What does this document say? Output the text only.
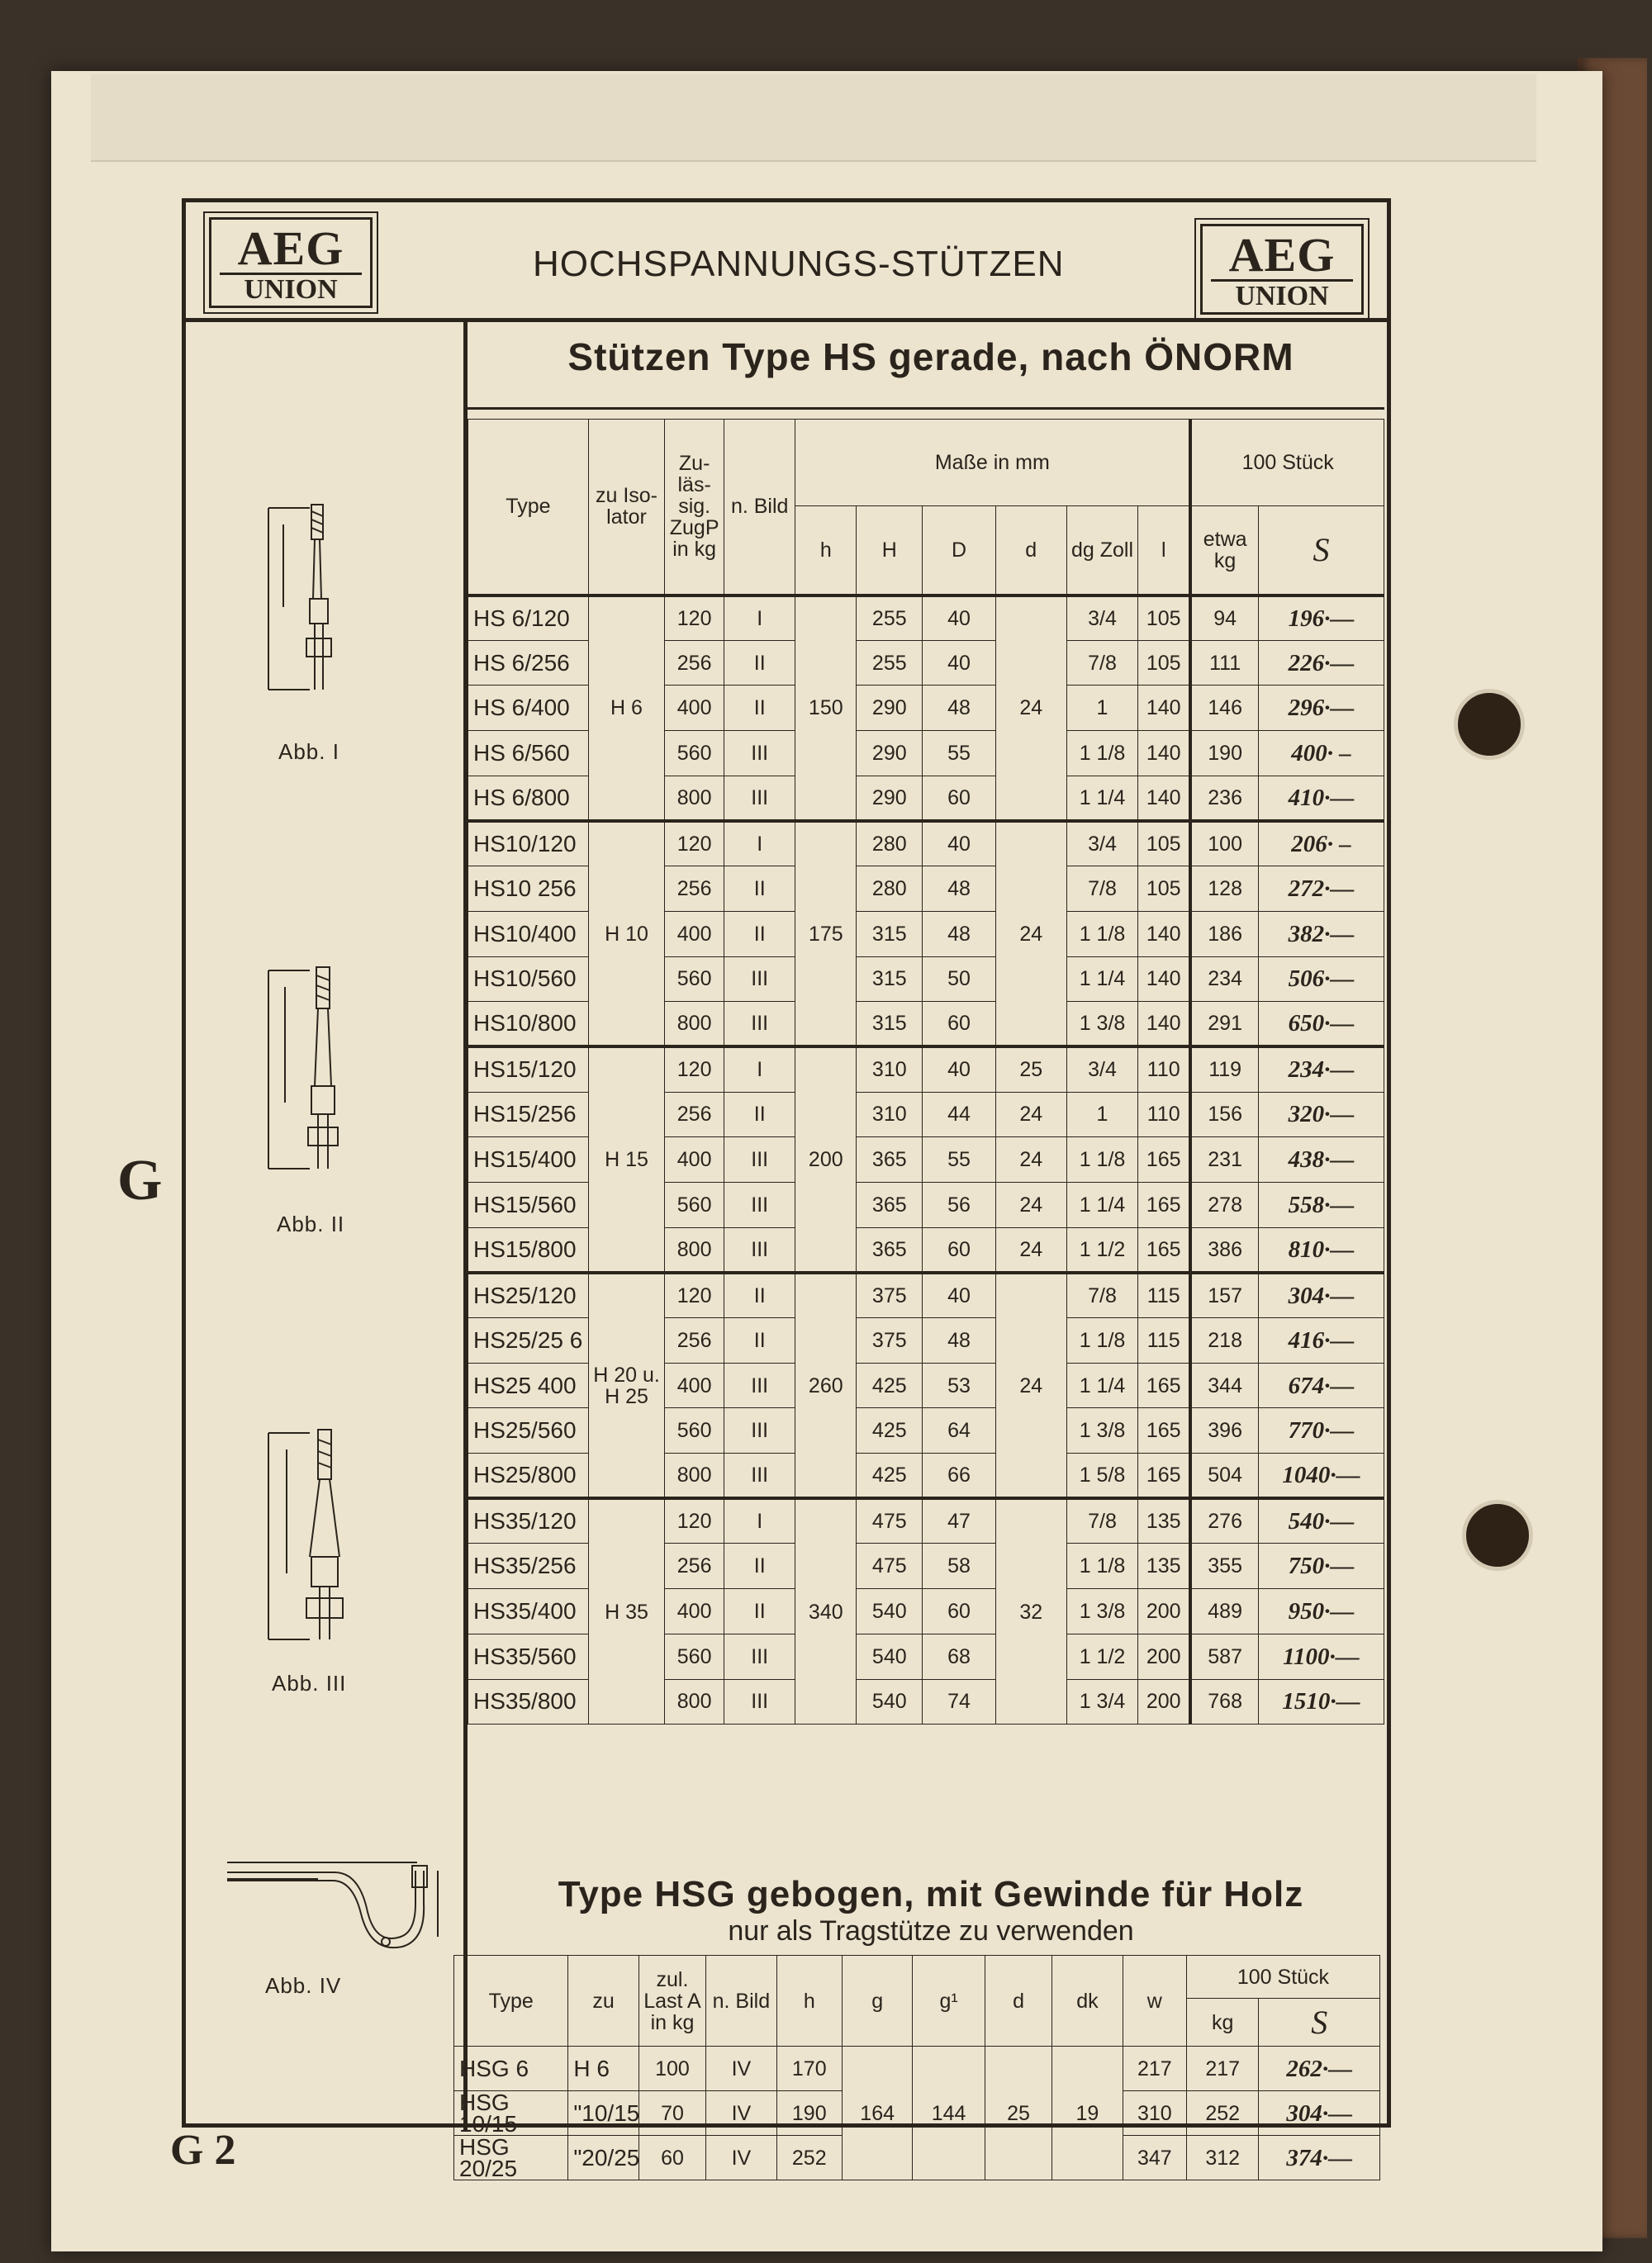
AEG
UNION
HOCHSPANNUNGS-STÜTZEN	AEG
UNION
Stützen Type HS gerade, nach ÖNORM
Type	zu Iso- lator	Zu- läs- sig. ZugP in kg	n. Bild	Maße in mm						100 Stück	
				h	H	D	d	dg Zoll	l	etwa kg	S
HS 6/120	H 6	120	I	150	255	40	24	3/4	105	94	196·—
HS 6/256		256	II		255	40		7/8	105	111	226·—
HS 6/400		400	II		290	48		1	140	146	296·—
HS 6/560		560	III		290	55		1 1/8	140	190	400· –
HS 6/800		800	III		290	60		1 1/4	140	236	410·—
HS10/120	H 10	120	I	175	280	40	24	3/4	105	100	206· –
HS10 256		256	II		280	48		7/8	105	128	272·—
HS10/400		400	II		315	48		1 1/8	140	186	382·—
HS10/560		560	III		315	50		1 1/4	140	234	506·—
HS10/800		800	III		315	60		1 3/8	140	291	650·—
HS15/120	H 15	120	I	200	310	40	25	3/4	110	119	234·—
HS15/256		256	II		310	44	24	1	110	156	320·—
HS15/400		400	III		365	55	24	1 1/8	165	231	438·—
HS15/560		560	III		365	56	24	1 1/4	165	278	558·—
HS15/800		800	III		365	60	24	1 1/2	165	386	810·—
HS25/120	H 20 u. H 25	120	II	260	375	40	24	7/8	115	157	304·—
HS25/25 6		256	II		375	48		1 1/8	115	218	416·—
HS25 400		400	III		425	53		1 1/4	165	344	674·—
HS25/560		560	III		425	64		1 3/8	165	396	770·—
HS25/800		800	III		425	66		1 5/8	165	504	1040·—
HS35/120	H 35	120	I	340	475	47	32	7/8	135	276	540·—
HS35/256		256	II		475	58		1 1/8	135	355	750·—
HS35/400		400	II		540	60		1 3/8	200	489	950·—
HS35/560		560	III		540	68		1 1/2	200	587	1100·—
HS35/800		800	III		540	74		1 3/4	200	768	1510·—
Type HSG gebogen, mit Gewinde für Holz
nur als Tragstütze zu verwenden
Type	zu	zul. Last A in kg	n. Bild	h	g	g¹	d	dk	w	100 Stück	
										kg	S
HSG 6	H 6	100	IV	170	164	144	25	19	217	217	262·—
HSG 10/15	"10/15	70	IV	190					310	252	304·—
HSG 20/25	"20/25	60	IV	252					347	312	374·—
Abb. I
Abb. II
Abb. III
Abb. IV
G
G 2
